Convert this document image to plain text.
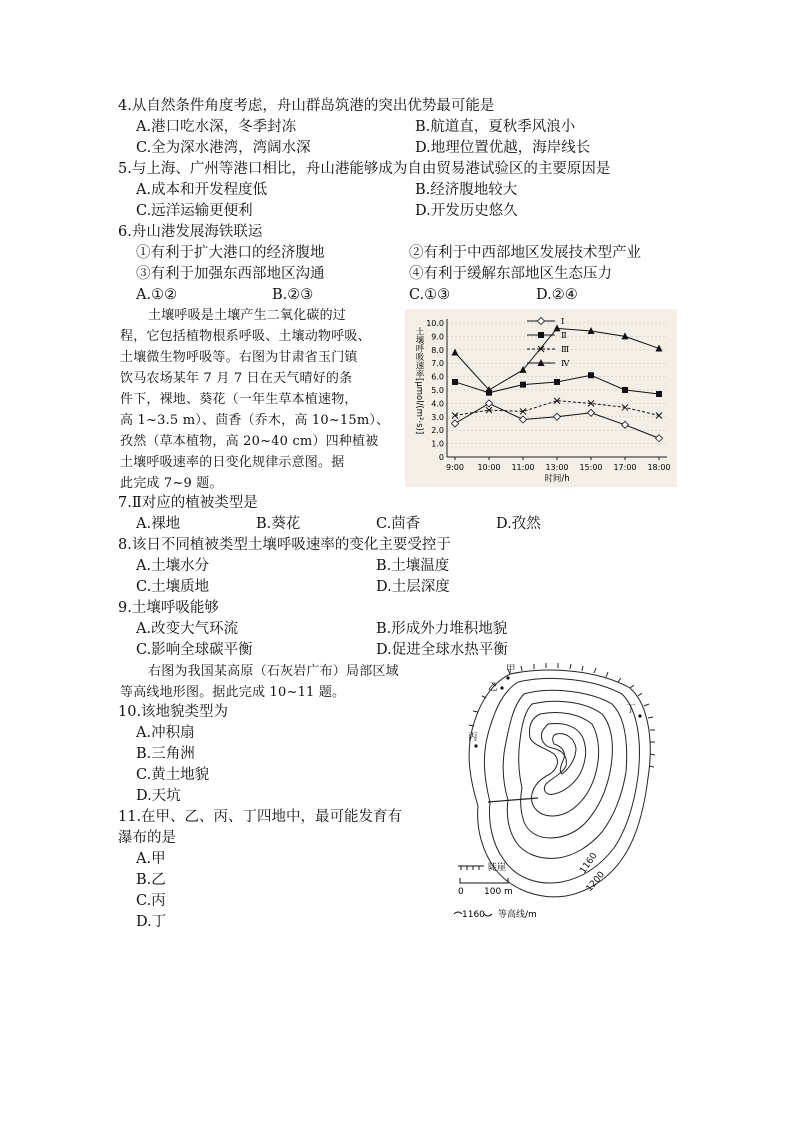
4.从自然条件角度考虑，舟山群岛筑港的突出优势最可能是
A.港口吃水深，冬季封冻	B.航道直，夏秋季风浪小
C.全为深水港湾，湾阔水深	D.地理位置优越，海岸线长
5.与上海、广州等港口相比，舟山港能够成为自由贸易港试验区的主要原因是
A.成本和开发程度低	B.经济腹地较大
C.远洋运输更便利	D.开发历史悠久
6.舟山港发展海铁联运
①有利于扩大港口的经济腹地	②有利于中西部地区发展技术型产业
③有利于加强东西部地区沟通	④有利于缓解东部地区生态压力
A.①②	B.②③	C.①③	D.②④
土壤呼吸是土壤产生二氧化碳的过
程，它包括植物根系呼吸、土壤动物呼吸、
土壤微生物呼吸等。右图为甘肃省玉门镇
饮马农场某年 7 月 7 日在天气晴好的条
件下，裸地、葵花（一年生草本植速物，
高 1~3.5 m）、茴香（乔木，高 10~15m）、
孜然（草本植物，高 20~40 cm）四种植被
土壤呼吸速率的日变化规律示意图。据
此完成 7~9 题。
0
1.0
2.0
3.0
4.0
5.0
6.0
7.0
8.0
9.0
10.0
9:00 10:00 11:00 13:00 15:00 17:00 18:00
Ⅰ
Ⅱ
Ⅲ
Ⅳ
时间/h
土壤呼吸速率[μmol/(m²·s)]
7.Ⅱ对应的植被类型是
A.裸地	B.葵花	C.茴香	D.孜然
8.该日不同植被类型土壤呼吸速率的变化主要受控于
A.土壤水分	B.土壤温度
C.土壤质地	D.土层深度
9.土壤呼吸能够
A.改变大气环流	B.形成外力堆积地貌
C.影响全球碳平衡	D.促进全球水热平衡
右图为我国某高原（石灰岩广布）局部区域
等高线地形图。据此完成 10~11 题。
10.该地貌类型为
A.冲积扇
B.三角洲
C.黄土地貌
D.天坑
11.在甲、乙、丙、丁四地中，最可能发育有
瀑布的是
A.甲
B.乙
C.丙
D.丁
甲
乙
丙
丁
1160
1200
陡崖
0 100 m
1160 等高线/m
